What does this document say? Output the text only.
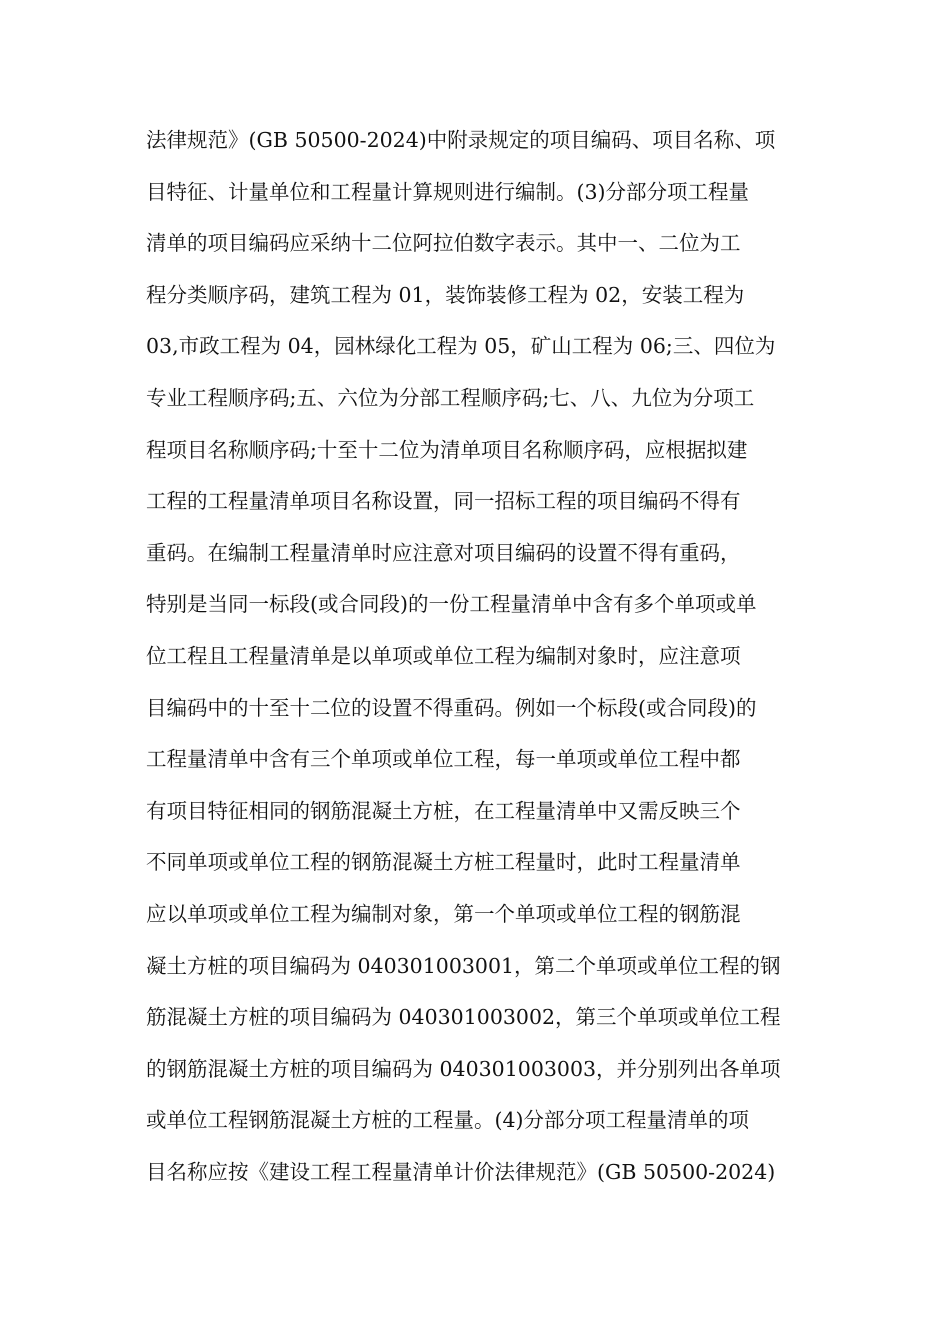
法律规范》(GB 50500-2024)中附录规定的项目编码、项目名称、项
目特征、计量单位和工程量计算规则进行编制。(3)分部分项工程量
清单的项目编码应采纳十二位阿拉伯数字表示。其中一、二位为工
程分类顺序码，建筑工程为 01，装饰装修工程为 02，安装工程为
03,市政工程为 04，园林绿化工程为 05，矿山工程为 06;三、四位为
专业工程顺序码;五、六位为分部工程顺序码;七、八、九位为分项工
程项目名称顺序码;十至十二位为清单项目名称顺序码，应根据拟建
工程的工程量清单项目名称设置，同一招标工程的项目编码不得有
重码。在编制工程量清单时应注意对项目编码的设置不得有重码，
特别是当同一标段(或合同段)的一份工程量清单中含有多个单项或单
位工程且工程量清单是以单项或单位工程为编制对象时，应注意项
目编码中的十至十二位的设置不得重码。例如一个标段(或合同段)的
工程量清单中含有三个单项或单位工程，每一单项或单位工程中都
有项目特征相同的钢筋混凝土方桩，在工程量清单中又需反映三个
不同单项或单位工程的钢筋混凝土方桩工程量时，此时工程量清单
应以单项或单位工程为编制对象，第一个单项或单位工程的钢筋混
凝土方桩的项目编码为 040301003001，第二个单项或单位工程的钢
筋混凝土方桩的项目编码为 040301003002，第三个单项或单位工程
的钢筋混凝土方桩的项目编码为 040301003003，并分别列出各单项
或单位工程钢筋混凝土方桩的工程量。(4)分部分项工程量清单的项
目名称应按《建设工程工程量清单计价法律规范》(GB 50500-2024)
